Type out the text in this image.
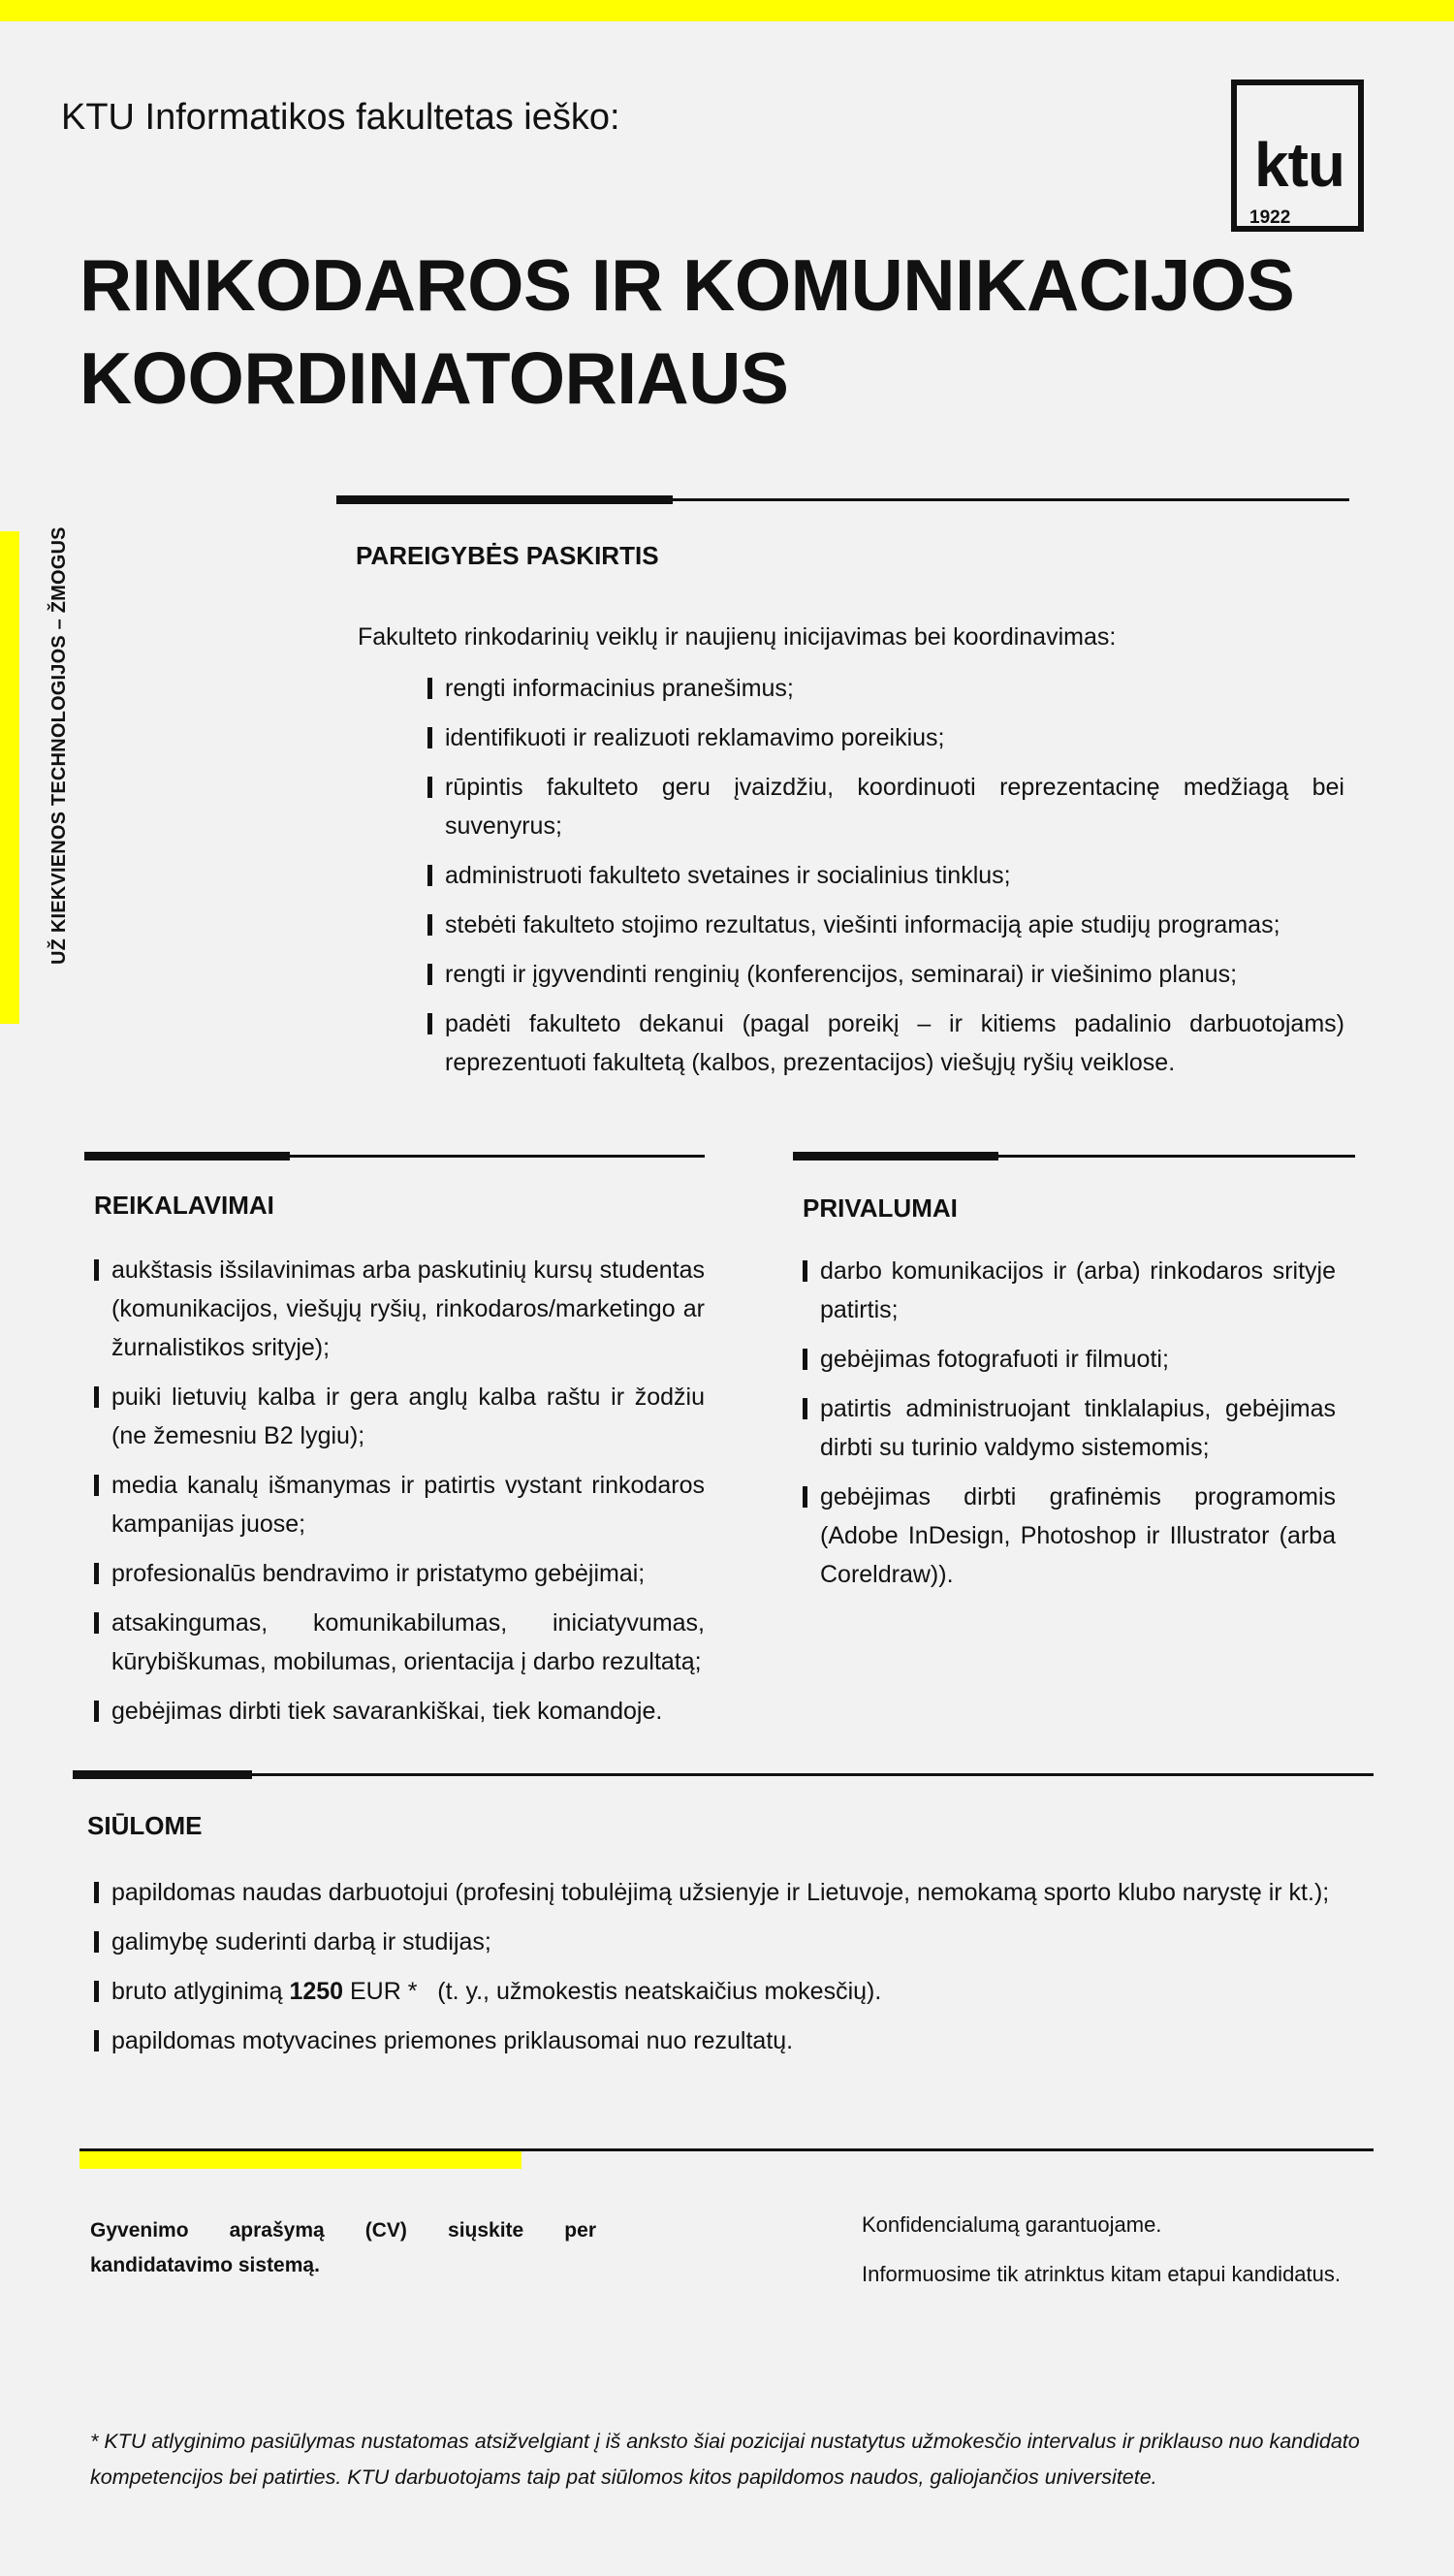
UŽ KIEKVIENOS TECHNOLOGIJOS – ŽMOGUS
KTU Informatikos fakultetas ieško:
ktu
1922
RINKODAROS IR KOMUNIKACIJOS
KOORDINATORIAUS
PAREIGYBĖS PASKIRTIS
Fakulteto rinkodarinių veiklų ir naujienų inicijavimas bei koordinavimas:
rengti informacinius pranešimus;
identifikuoti ir realizuoti reklamavimo poreikius;
rūpintis fakulteto geru įvaizdžiu, koordinuoti reprezentacinę medžiagą bei suvenyrus;
administruoti fakulteto svetaines ir socialinius tinklus;
stebėti fakulteto stojimo rezultatus, viešinti informaciją apie studijų programas;
rengti ir įgyvendinti renginių (konferencijos, seminarai) ir viešinimo planus;
padėti fakulteto dekanui (pagal poreikį – ir kitiems padalinio darbuotojams) reprezentuoti fakultetą (kalbos, prezentacijos) viešųjų ryšių veiklose.
REIKALAVIMAI
aukštasis išsilavinimas arba paskutinių kursų studentas (komunikacijos, viešųjų ryšių, rinkodaros/marketingo ar žurnalistikos srityje);
puiki lietuvių kalba ir gera anglų kalba raštu ir žodžiu (ne žemesniu B2 lygiu);
media kanalų išmanymas ir patirtis vystant rinkodaros kampanijas juose;
profesionalūs bendravimo ir pristatymo gebėjimai;
atsakingumas, komunikabilumas, iniciatyvumas, kūrybiškumas, mobilumas, orientacija į darbo rezultatą;
gebėjimas dirbti tiek savarankiškai, tiek komandoje.
PRIVALUMAI
darbo komunikacijos ir (arba) rinkodaros srityje patirtis;
gebėjimas fotografuoti ir filmuoti;
patirtis administruojant tinklalapius, gebėjimas dirbti su turinio valdymo sistemomis;
gebėjimas dirbti grafinėmis programomis (Adobe InDesign, Photoshop ir Illustrator (arba Coreldraw)).
SIŪLOME
papildomas naudas darbuotojui (profesinį tobulėjimą užsienyje ir Lietuvoje, nemokamą sporto klubo narystę ir kt.);
galimybę suderinti darbą ir studijas;
bruto atlyginimą 1250 EUR *   (t. y., užmokestis neatskaičius mokesčių).
papildomas motyvacines priemones priklausomai nuo rezultatų.
Gyvenimo aprašymą (CV) siųskite per kandidatavimo sistemą.
Konfidencialumą garantuojame.
Informuosime tik atrinktus kitam etapui kandidatus.
* KTU atlyginimo pasiūlymas nustatomas atsižvelgiant į iš anksto šiai pozicijai nustatytus užmokesčio intervalus ir priklauso nuo kandidato kompetencijos bei patirties. KTU darbuotojams taip pat siūlomos kitos papildomos naudos, galiojančios universitete.
